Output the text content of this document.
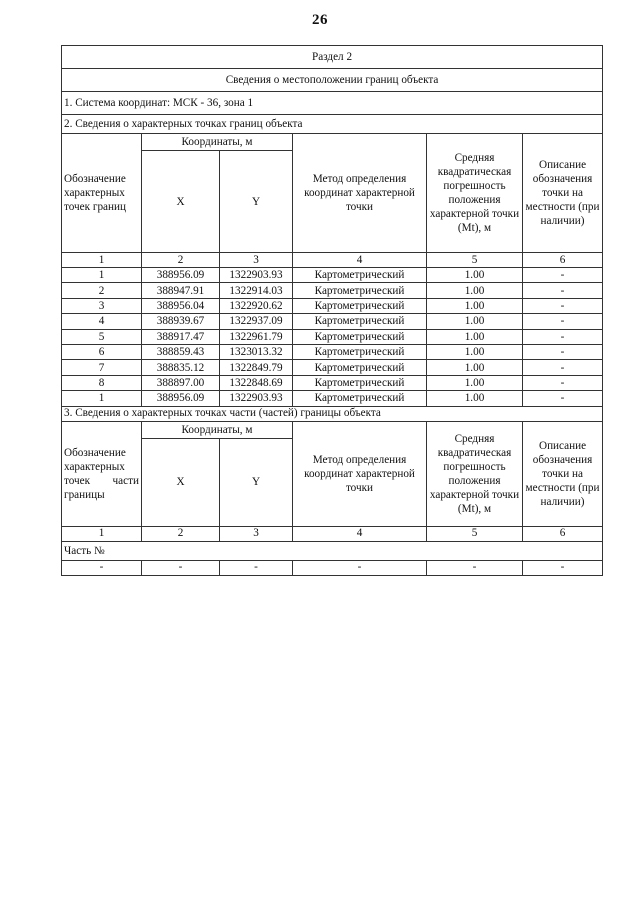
26
Раздел 2					
Сведения о местоположении границ объекта					
1. Система координат: МСК - 36, зона 1					
2. Сведения о характерных точках границ объекта					
Обозначение характерных точек границ	Координаты, м		Метод определения координат характерной точки	Средняя квадратическая погрешность положения характерной точки (Mt), м	Описание обозначения точки на местности (при наличии)
	X	Y			
1	2	3	4	5	6
1	388956.09	1322903.93	Картометрический	1.00	-
2	388947.91	1322914.03	Картометрический	1.00	-
3	388956.04	1322920.62	Картометрический	1.00	-
4	388939.67	1322937.09	Картометрический	1.00	-
5	388917.47	1322961.79	Картометрический	1.00	-
6	388859.43	1323013.32	Картометрический	1.00	-
7	388835.12	1322849.79	Картометрический	1.00	-
8	388897.00	1322848.69	Картометрический	1.00	-
1	388956.09	1322903.93	Картометрический	1.00	-
3. Сведения о характерных точках части (частей) границы объекта					
Обозначение характерных точек части границы	Координаты, м		Метод определения координат характерной точки	Средняя квадратическая погрешность положения характерной точки (Mt), м	Описание обозначения точки на местности (при наличии)
	X	Y			
1	2	3	4	5	6
Часть №					
-	-	-	-	-	-
